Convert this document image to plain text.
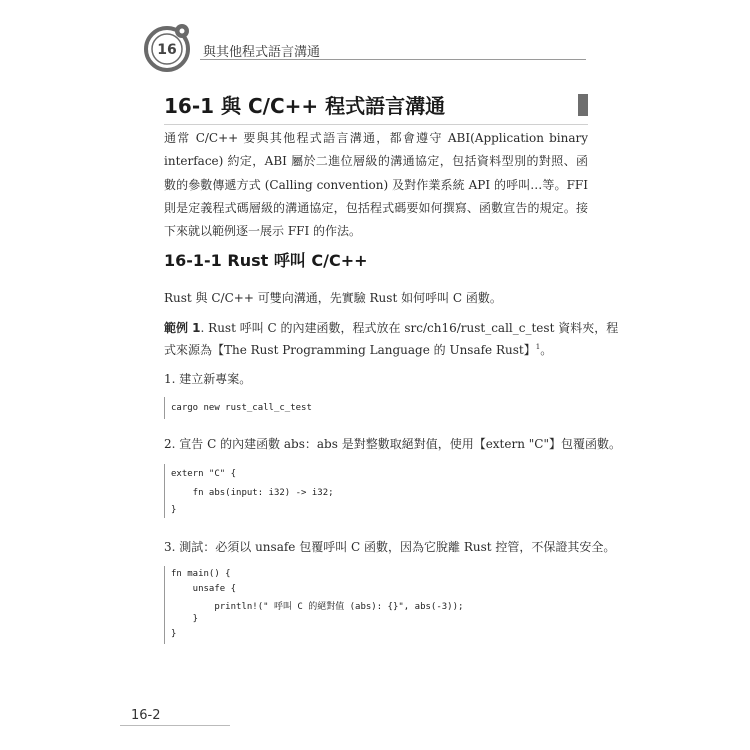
16 與其他程式語言溝通
16-1 與 C/C++ 程式語言溝通
通常 C/C++ 要與其他程式語言溝通，都會遵守 ABI(Application binary interface) 約定，ABI 屬於二進位層級的溝通協定，包括資料型別的對照、函數的參數傳遞方式 (Calling convention) 及對作業系統 API 的呼叫…等。FFI 則是定義程式碼層級的溝通協定，包括程式碼要如何撰寫、函數宣告的規定。接下來就以範例逐一展示 FFI 的作法。
16-1-1 Rust 呼叫 C/C++
Rust 與 C/C++ 可雙向溝通，先實驗 Rust 如何呼叫 C 函數。
範例 1. Rust 呼叫 C 的內建函數，程式放在 src/ch16/rust_call_c_test 資料夾，程
式來源為【The Rust Programming Language 的 Unsafe Rust】$^1$。
1. 建立新專案。
cargo new rust_call_c_test
2. 宣告 C 的內建函數 abs：abs 是對整數取絕對值，使用【extern "C"】包覆函數。
extern "C" {
fn abs(input: i32) -> i32;
}
3. 測試：必須以 unsafe 包覆呼叫 C 函數，因為它脫離 Rust 控管，不保證其安全。
fn main() {
unsafe {
println!(" 呼叫 C 的絕對值 (abs): {}", abs(-3));
}
}
16-2
